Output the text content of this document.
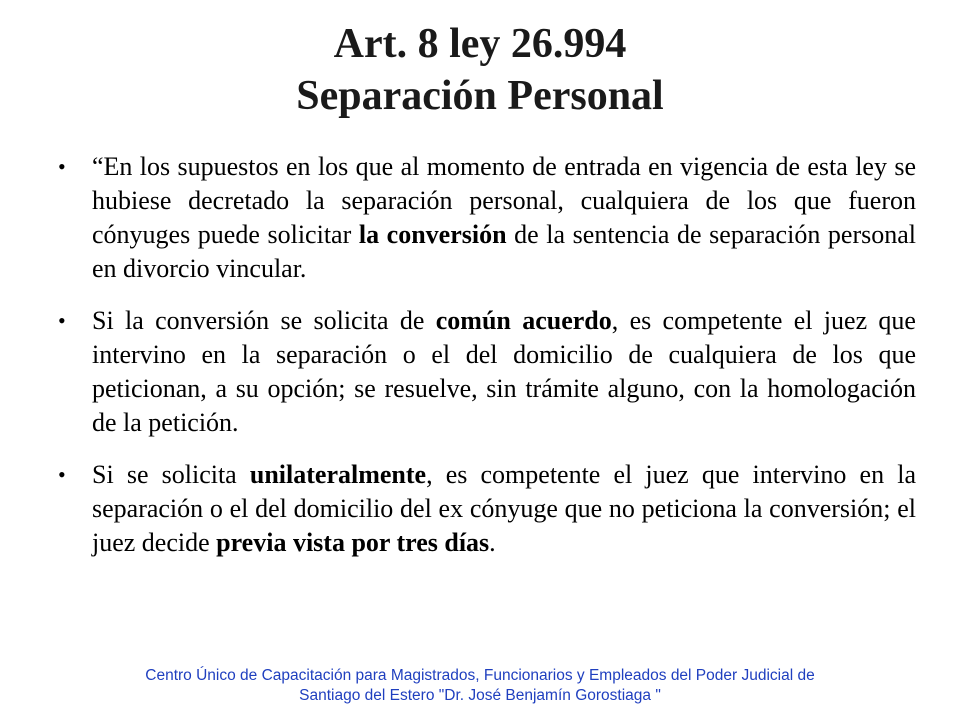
Art. 8 ley 26.994
Separación Personal
• “En los supuestos en los que al momento de entrada en vigencia de esta ley se hubiese decretado la separación personal, cualquiera de los que fueron cónyuges puede solicitar la conversión de la sentencia de separación personal en divorcio vincular.
• Si la conversión se solicita de común acuerdo, es competente el juez que intervino en la separación o el del domicilio de cualquiera de los que peticionan, a su opción; se resuelve, sin trámite alguno, con la homologación de la petición.
• Si se solicita unilateralmente, es competente el juez que intervino en la separación o el del domicilio del ex cónyuge que no peticiona la conversión; el juez decide previa vista por tres días.
Centro Único de Capacitación para Magistrados, Funcionarios y Empleados del Poder Judicial de
Santiago del Estero "Dr. José Benjamín Gorostiaga "
